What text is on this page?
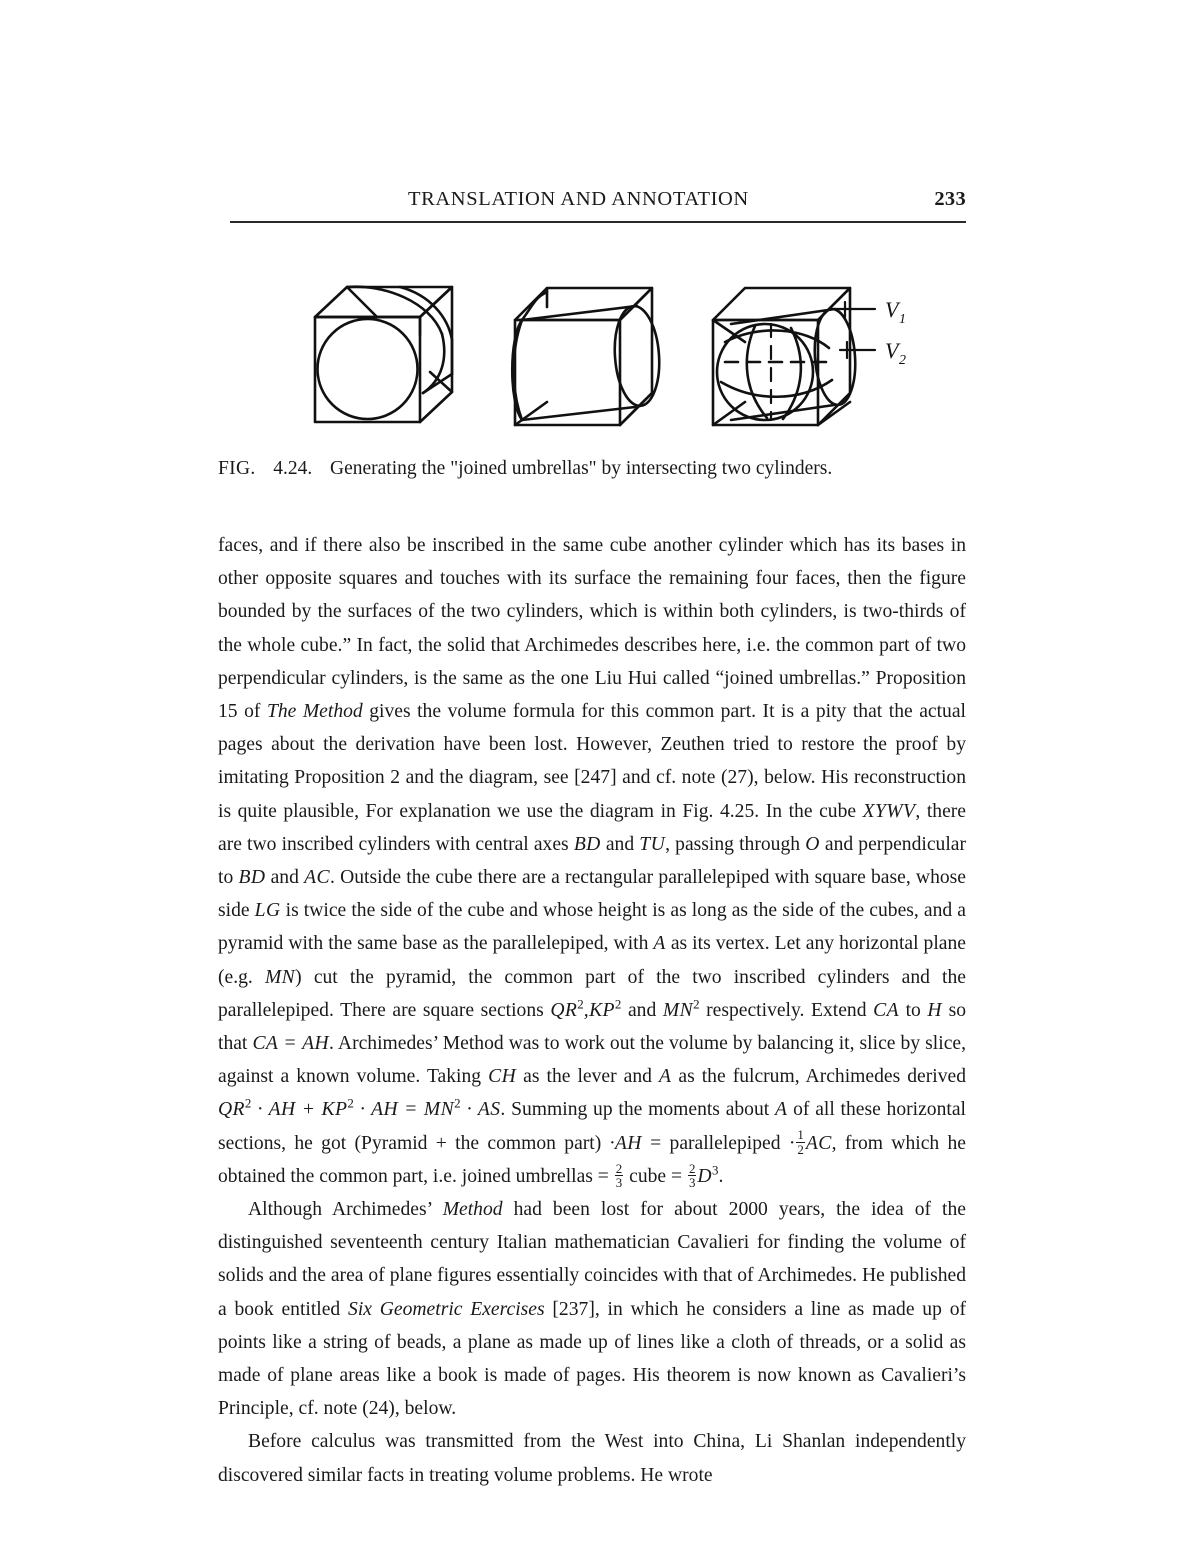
TRANSLATION AND ANNOTATION	233
V 1
V 2
FIG. 4.24. Generating the "joined umbrellas" by intersecting two cylinders.

faces, and if there also be inscribed in the same cube another cylinder which has its bases in other opposite squares and touches with its surface the remaining four faces, then the figure bounded by the surfaces of the two cylinders, which is within both cylinders, is two-thirds of the whole cube.” In fact, the solid that Archimedes describes here, i.e. the common part of two perpendicular cylinders, is the same as the one Liu Hui called “joined umbrellas.” Proposition 15 of The Method gives the volume formula for this common part. It is a pity that the actual pages about the derivation have been lost. However, Zeuthen tried to restore the proof by imitating Proposition 2 and the diagram, see [247] and cf. note (27), below. His reconstruction is quite plausible, For explanation we use the diagram in Fig. 4.25. In the cube XYWV, there are two inscribed cylinders with central axes BD and TU, passing through O and perpendicular to BD and AC. Outside the cube there are a rectangular parallelepiped with square base, whose side LG is twice the side of the cube and whose height is as long as the side of the cubes, and a pyramid with the same base as the parallelepiped, with A as its vertex. Let any horizontal plane (e.g. MN) cut the pyramid, the common part of the two inscribed cylinders and the parallelepiped. There are square sections $QR^2,KP^2$ and $MN^2$ respectively. Extend CA to H so that CA = AH. Archimedes’ Method was to work out the volume by balancing it, slice by slice, against a known volume. Taking CH as the lever and A as the fulcrum, Archimedes derived $QR^2$ · AH + $KP^2$ · AH = $MN^2$ · AS. Summing up the moments about A of all these horizontal sections, he got (Pyramid + the common part) ·AH = parallelepiped · $\frac{1}{2}$ AC, from which he obtained the common part, i.e. joined umbrellas = $\frac{2}{3}$ cube = $\frac{2}{3} D^3$.

Although Archimedes’ Method had been lost for about 2000 years, the idea of the distinguished seventeenth century Italian mathematician Cavalieri for finding the volume of solids and the area of plane figures essentially coincides with that of Archimedes. He published a book entitled Six Geometric Exercises [237], in which he considers a line as made up of points like a string of beads, a plane as made up of lines like a cloth of threads, or a solid as made of plane areas like a book is made of pages. His theorem is now known as Cavalieri’s Principle, cf. note (24), below.

Before calculus was transmitted from the West into China, Li Shanlan independently discovered similar facts in treating volume problems. He wrote
